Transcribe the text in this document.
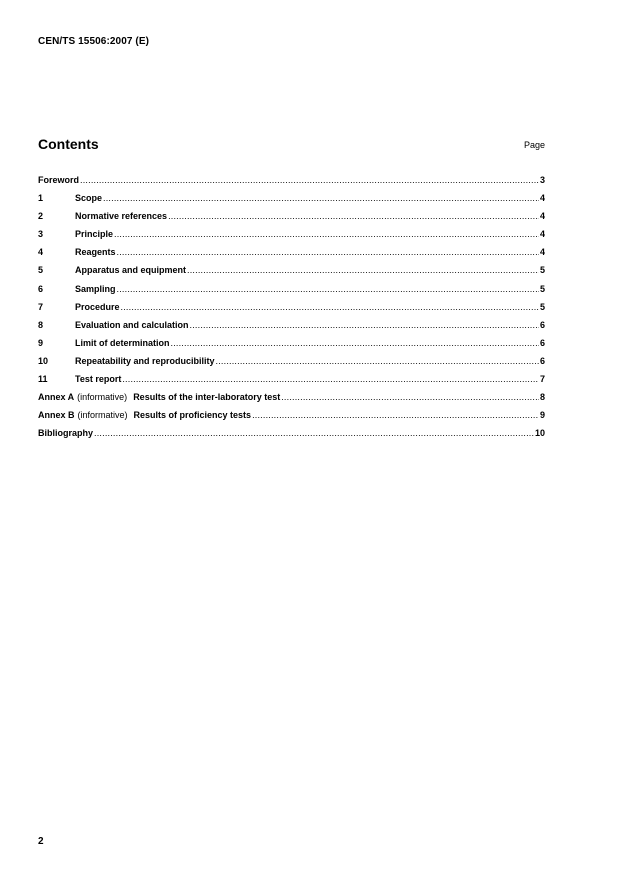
CEN/TS 15506:2007 (E)
Contents	Page
Foreword .....	3
1	Scope .....	4
2	Normative references .....	4
3	Principle .....	4
4	Reagents .....	4
5	Apparatus and equipment .....	5
6	Sampling .....	5
7	Procedure .....	5
8	Evaluation and calculation .....	6
9	Limit of determination .....	6
10	Repeatability and reproducibility .....	6
11	Test report .....	7
Annex A (informative) Results of the inter-laboratory test .....	8
Annex B (informative) Results of proficiency tests .....	9
Bibliography .....	10
2
